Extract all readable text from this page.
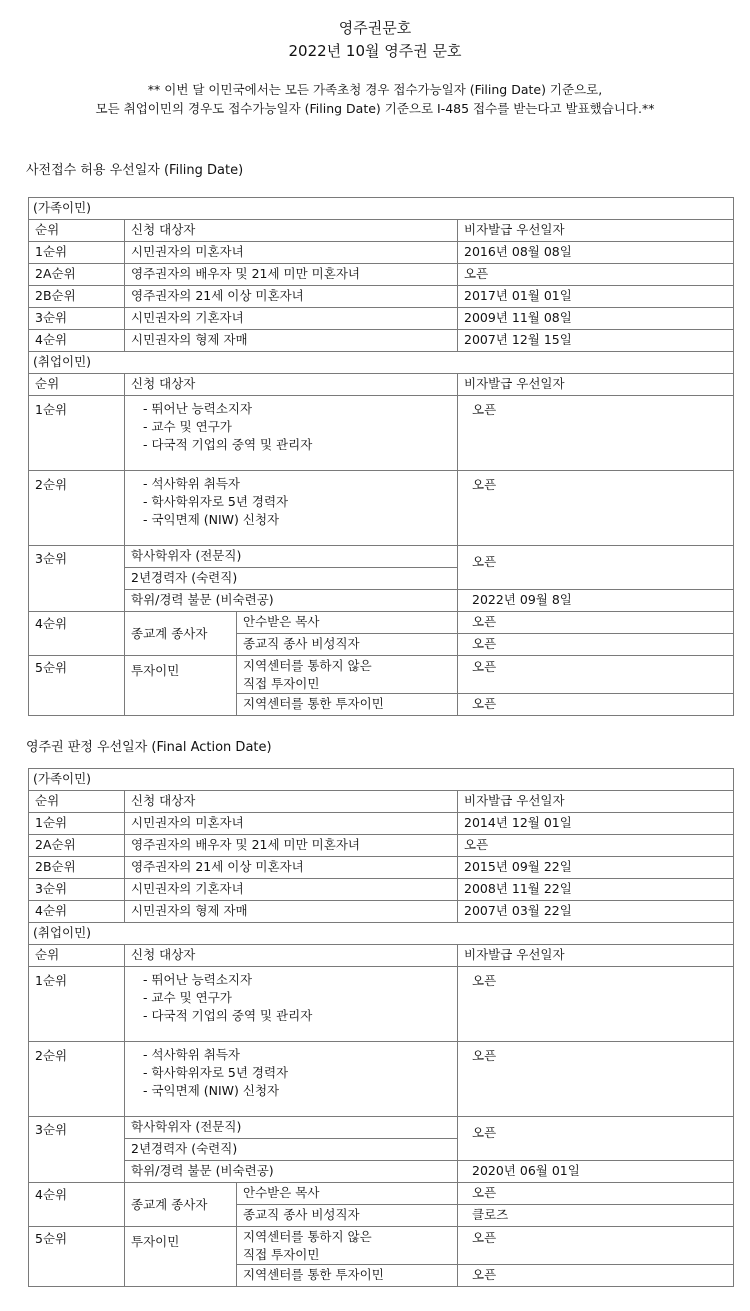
영주권문호
2022년 10월 영주권 문호
** 이번 달 이민국에서는 모든 가족초청 경우 접수가능일자 (Filing Date) 기준으로,
모든 취업이민의 경우도 접수가능일자 (Filing Date) 기준으로 I-485 접수를 받는다고 발표했습니다.**
사전접수 허용 우선일자 (Filing Date)
(가족이민)			
순위	신청 대상자		비자발급 우선일자
1순위	시민권자의 미혼자녀		2016년 08월 08일
2A순위	영주권자의 배우자 및 21세 미만 미혼자녀		오픈
2B순위	영주권자의 21세 이상 미혼자녀		2017년 01월 01일
3순위	시민권자의 기혼자녀		2009년 11월 08일
4순위	시민권자의 형제 자매		2007년 12월 15일
(취업이민)			
순위	신청 대상자		비자발급 우선일자
1순위	- 뛰어난 능력소지자
- 교수 및 연구가
- 다국적 기업의 중역 및 관리자		오픈
2순위	- 석사학위 취득자
- 학사학위자로 5년 경력자
- 국익면제 (NIW) 신청자		오픈
3순위	학사학위자 (전문직)		오픈
	2년경력자 (숙련직)		
	학위/경력 불문 (비숙련공)		2022년 09월 8일
4순위	종교계 종사자	안수받은 목사	오픈
		종교직 종사 비성직자	오픈
5순위	투자이민	지역센터를 통하지 않은
직접 투자이민	오픈
		지역센터를 통한 투자이민	오픈
영주권 판정 우선일자 (Final Action Date)
(가족이민)			
순위	신청 대상자		비자발급 우선일자
1순위	시민권자의 미혼자녀		2014년 12월 01일
2A순위	영주권자의 배우자 및 21세 미만 미혼자녀		오픈
2B순위	영주권자의 21세 이상 미혼자녀		2015년 09월 22일
3순위	시민권자의 기혼자녀		2008년 11월 22일
4순위	시민권자의 형제 자매		2007년 03월 22일
(취업이민)			
순위	신청 대상자		비자발급 우선일자
1순위	- 뛰어난 능력소지자
- 교수 및 연구가
- 다국적 기업의 중역 및 관리자		오픈
2순위	- 석사학위 취득자
- 학사학위자로 5년 경력자
- 국익면제 (NIW) 신청자		오픈
3순위	학사학위자 (전문직)		오픈
	2년경력자 (숙련직)		
	학위/경력 불문 (비숙련공)		2020년 06월 01일
4순위	종교계 종사자	안수받은 목사	오픈
		종교직 종사 비성직자	클로즈
5순위	투자이민	지역센터를 통하지 않은
직접 투자이민	오픈
		지역센터를 통한 투자이민	오픈
